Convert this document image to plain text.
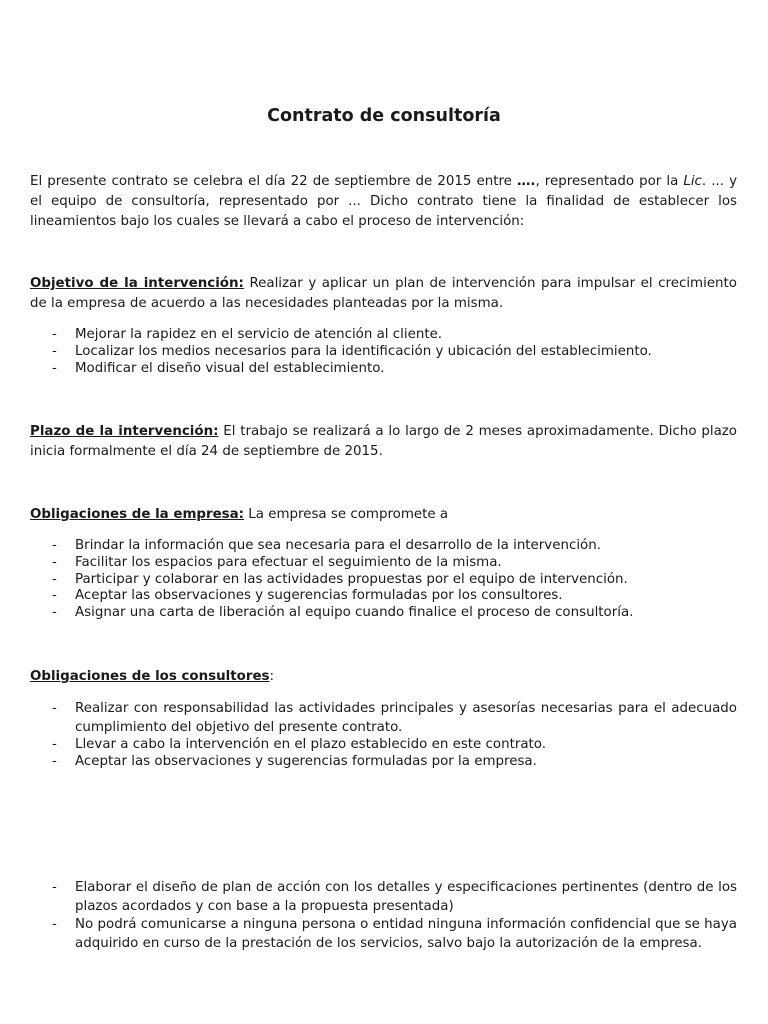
Contrato de consultoría

El presente contrato se celebra el día 22 de septiembre de 2015 entre …., representado por la Lic. ... y el equipo de consultoría, representado por ... Dicho contrato tiene la finalidad de establecer los lineamientos bajo los cuales se llevará a cabo el proceso de intervención:

Objetivo de la intervención: Realizar y aplicar un plan de intervención para impulsar el crecimiento de la empresa de acuerdo a las necesidades planteadas por la misma.

- Mejorar la rapidez en el servicio de atención al cliente.
- Localizar los medios necesarios para la identificación y ubicación del establecimiento.
- Modificar el diseño visual del establecimiento.

Plazo de la intervención: El trabajo se realizará a lo largo de 2 meses aproximadamente. Dicho plazo inicia formalmente el día 24 de septiembre de 2015.

Obligaciones de la empresa: La empresa se compromete a

- Brindar la información que sea necesaria para el desarrollo de la intervención.
- Facilitar los espacios para efectuar el seguimiento de la misma.
- Participar y colaborar en las actividades propuestas por el equipo de intervención.
- Aceptar las observaciones y sugerencias formuladas por los consultores.
- Asignar una carta de liberación al equipo cuando finalice el proceso de consultoría.

Obligaciones de los consultores:

- Realizar con responsabilidad las actividades principales y asesorías necesarias para el adecuado cumplimiento del objetivo del presente contrato.
- Llevar a cabo la intervención en el plazo establecido en este contrato.
- Aceptar las observaciones y sugerencias formuladas por la empresa.
- Elaborar el diseño de plan de acción con los detalles y especificaciones pertinentes (dentro de los plazos acordados y con base a la propuesta presentada)
- No podrá comunicarse a ninguna persona o entidad ninguna información confidencial que se haya adquirido en curso de la prestación de los servicios, salvo bajo la autorización de la empresa.
